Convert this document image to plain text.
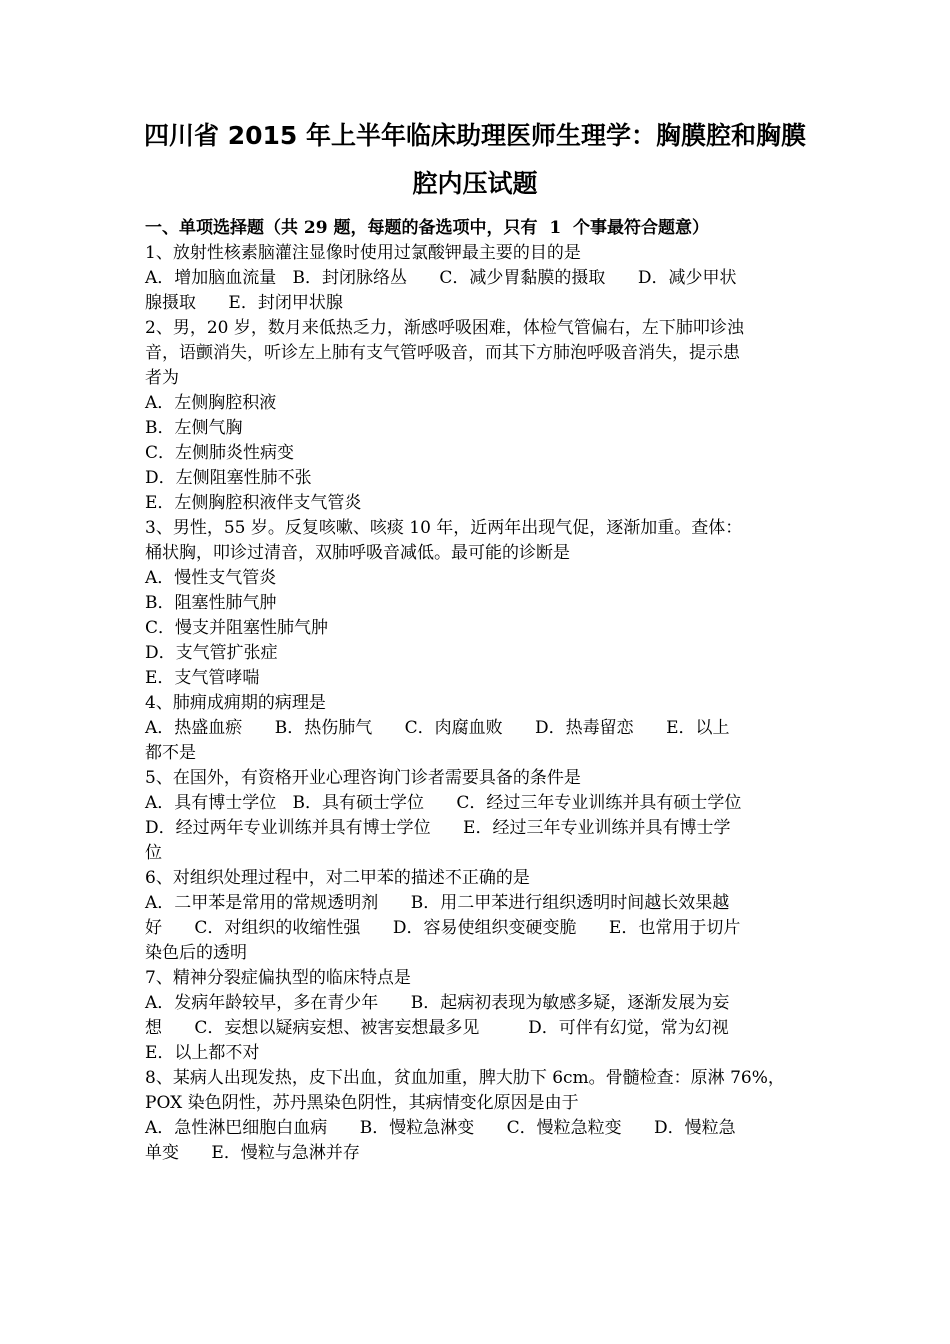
四川省 2015 年上半年临床助理医师生理学：胸膜腔和胸膜
腔内压试题
一、单项选择题（共 29 题，每题的备选项中，只有  1  个事最符合题意）
1、放射性核素脑灌注显像时使用过氯酸钾最主要的目的是
A．增加脑血流量   B．封闭脉络丛      C．减少胃黏膜的摄取      D．减少甲状
腺摄取      E．封闭甲状腺
2、男，20 岁，数月来低热乏力，渐感呼吸困难，体检气管偏右，左下肺叩诊浊
音，语颤消失，听诊左上肺有支气管呼吸音，而其下方肺泡呼吸音消失，提示患
者为
A．左侧胸腔积液
B．左侧气胸
C．左侧肺炎性病变
D．左侧阻塞性肺不张
E．左侧胸腔积液伴支气管炎
3、男性，55 岁。反复咳嗽、咳痰 10 年，近两年出现气促，逐渐加重。查体：
桶状胸，叩诊过清音，双肺呼吸音减低。最可能的诊断是
A．慢性支气管炎
B．阻塞性肺气肿
C．慢支并阻塞性肺气肿
D．支气管扩张症
E．支气管哮喘
4、肺痈成痈期的病理是
A．热盛血瘀      B．热伤肺气      C．肉腐血败      D．热毒留恋      E．以上
都不是
5、在国外，有资格开业心理咨询门诊者需要具备的条件是
A．具有博士学位   B．具有硕士学位      C．经过三年专业训练并具有硕士学位
D．经过两年专业训练并具有博士学位      E．经过三年专业训练并具有博士学
位
6、对组织处理过程中，对二甲苯的描述不正确的是
A．二甲苯是常用的常规透明剂      B．用二甲苯进行组织透明时间越长效果越
好      C．对组织的收缩性强      D．容易使组织变硬变脆      E．也常用于切片
染色后的透明
7、精神分裂症偏执型的临床特点是
A．发病年龄较早，多在青少年      B．起病初表现为敏感多疑，逐渐发展为妄
想      C．妄想以疑病妄想、被害妄想最多见         D．可伴有幻觉，常为幻视
E．以上都不对
8、某病人出现发热，皮下出血，贫血加重，脾大肋下 6cm。骨髓检查：原淋 76%，
POX 染色阴性，苏丹黑染色阴性，其病情变化原因是由于
A．急性淋巴细胞白血病      B．慢粒急淋变      C．慢粒急粒变      D．慢粒急
单变      E．慢粒与急淋并存
